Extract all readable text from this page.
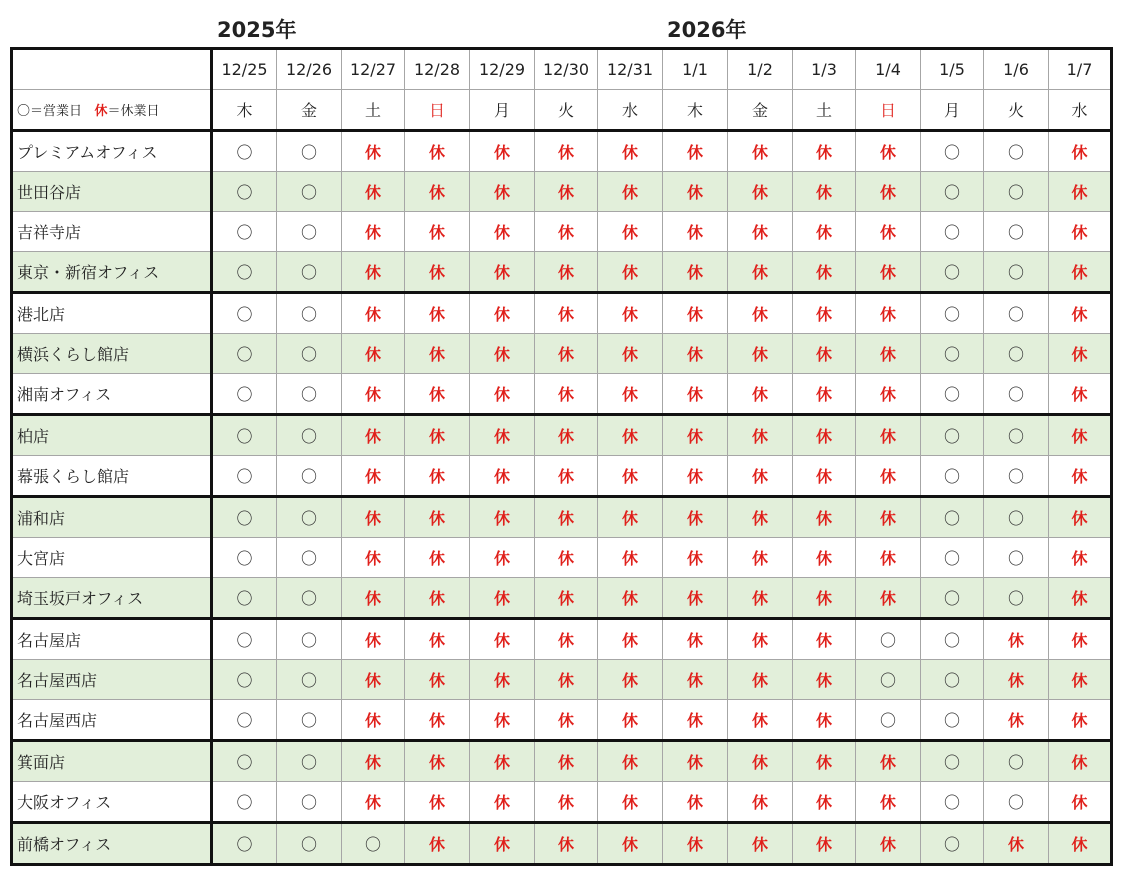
2025年	2026年
	12/25	12/26	12/27	12/28	12/29	12/30	12/31	1/1	1/2	1/3	1/4	1/5	1/6	1/7
〇＝営業日 休＝休業日	木	金	土	日	月	火	水	木	金	土	日	月	火	水
プレミアムオフィス	〇	〇	休	休	休	休	休	休	休	休	休	〇	〇	休
世田谷店	〇	〇	休	休	休	休	休	休	休	休	休	〇	〇	休
吉祥寺店	〇	〇	休	休	休	休	休	休	休	休	休	〇	〇	休
東京・新宿オフィス	〇	〇	休	休	休	休	休	休	休	休	休	〇	〇	休
港北店	〇	〇	休	休	休	休	休	休	休	休	休	〇	〇	休
横浜くらし館店	〇	〇	休	休	休	休	休	休	休	休	休	〇	〇	休
湘南オフィス	〇	〇	休	休	休	休	休	休	休	休	休	〇	〇	休
柏店	〇	〇	休	休	休	休	休	休	休	休	休	〇	〇	休
幕張くらし館店	〇	〇	休	休	休	休	休	休	休	休	休	〇	〇	休
浦和店	〇	〇	休	休	休	休	休	休	休	休	休	〇	〇	休
大宮店	〇	〇	休	休	休	休	休	休	休	休	休	〇	〇	休
埼玉坂戸オフィス	〇	〇	休	休	休	休	休	休	休	休	休	〇	〇	休
名古屋店	〇	〇	休	休	休	休	休	休	休	休	〇	〇	休	休
名古屋西店	〇	〇	休	休	休	休	休	休	休	休	〇	〇	休	休
名古屋西店	〇	〇	休	休	休	休	休	休	休	休	〇	〇	休	休
箕面店	〇	〇	休	休	休	休	休	休	休	休	休	〇	〇	休
大阪オフィス	〇	〇	休	休	休	休	休	休	休	休	休	〇	〇	休
前橋オフィス	〇	〇	〇	休	休	休	休	休	休	休	休	〇	休	休
